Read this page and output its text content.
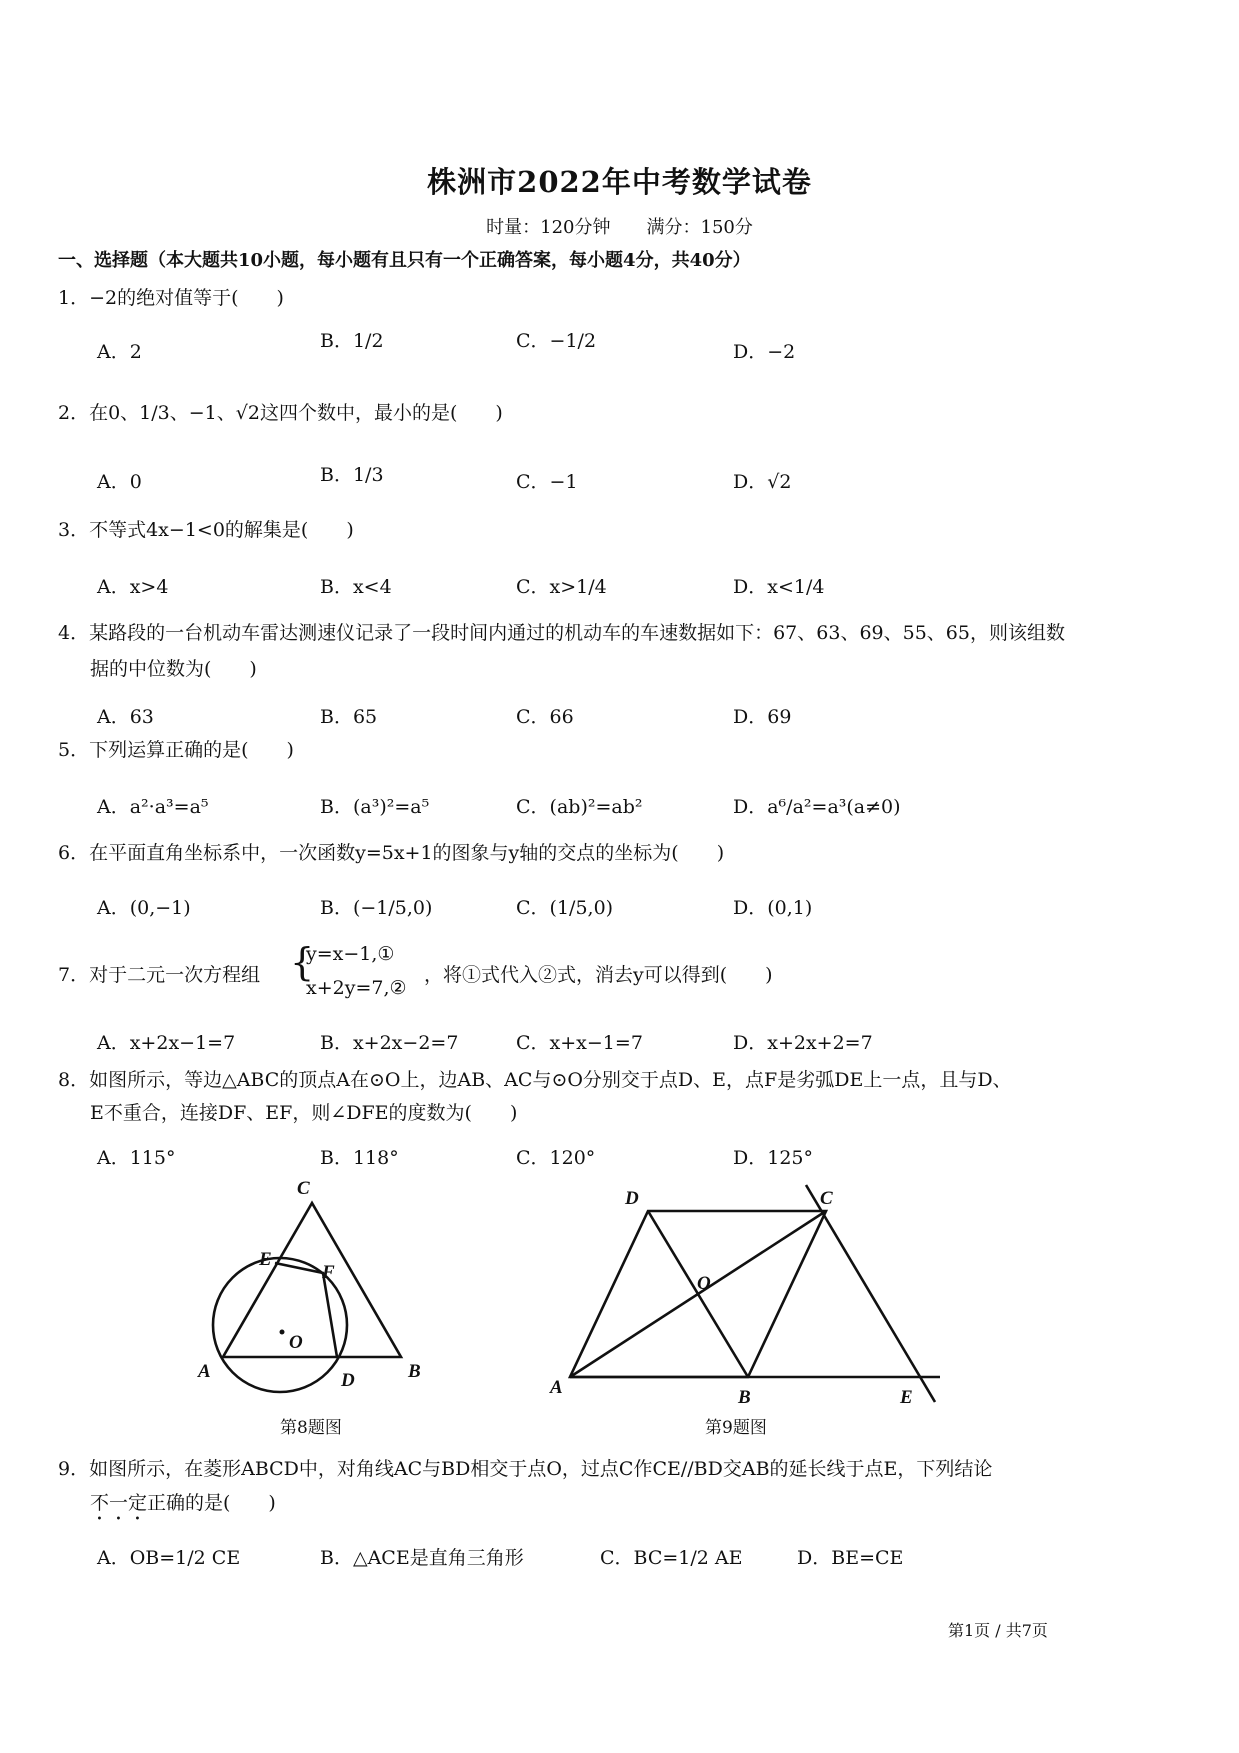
株洲市2022年中考数学试卷
时量：120分钟　　满分：150分
一、选择题（本大题共10小题，每小题有且只有一个正确答案，每小题4分，共40分）
1．−2的绝对值等于(　　)
A．2	B．1/2	C．−1/2	D．−2
2．在0、1/3、−1、√2这四个数中，最小的是(　　)
A．0	B．1/3	C．−1	D．√2
3．不等式4x−1<0的解集是(　　)
A．x>4	B．x<4	C．x>1/4	D．x<1/4
4．某路段的一台机动车雷达测速仪记录了一段时间内通过的机动车的车速数据如下：67、63、69、55、65，则该组数
据的中位数为(　　)
A．63	B．65	C．66	D．69
5．下列运算正确的是(　　)
A．a²·a³=a⁵	B．(a³)²=a⁵	C．(ab)²=ab²	D．a⁶/a²=a³(a≠0)
6．在平面直角坐标系中，一次函数y=5x+1的图象与y轴的交点的坐标为(　　)
A．(0,−1)	B．(−1/5,0)	C．(1/5,0)	D．(0,1)
7．对于二元一次方程组 {
y=x−1,①
x+2y=7,②
，将①式代入②式，消去y可以得到(　　)
A．x+2x−1=7	B．x+2x−2=7	C．x+x−1=7	D．x+2x+2=7
8．如图所示，等边△ABC的顶点A在⊙O上，边AB、AC与⊙O分别交于点D、E，点F是劣弧DE上一点，且与D、
E不重合，连接DF、EF，则∠DFE的度数为(　　)
A．115°	B．118°	C．120°	D．125°
C
E
F
O
A	D	B
D	C
O
A	B	E
第8题图	第9题图
9．如图所示，在菱形ABCD中，对角线AC与BD相交于点O，过点C作CE//BD交AB的延长线于点E，下列结论
不一定正确的是(　　)
A．OB=1/2 CE	B．△ACE是直角三角形	C．BC=1/2 AE	D．BE=CE
第1页 / 共7页
